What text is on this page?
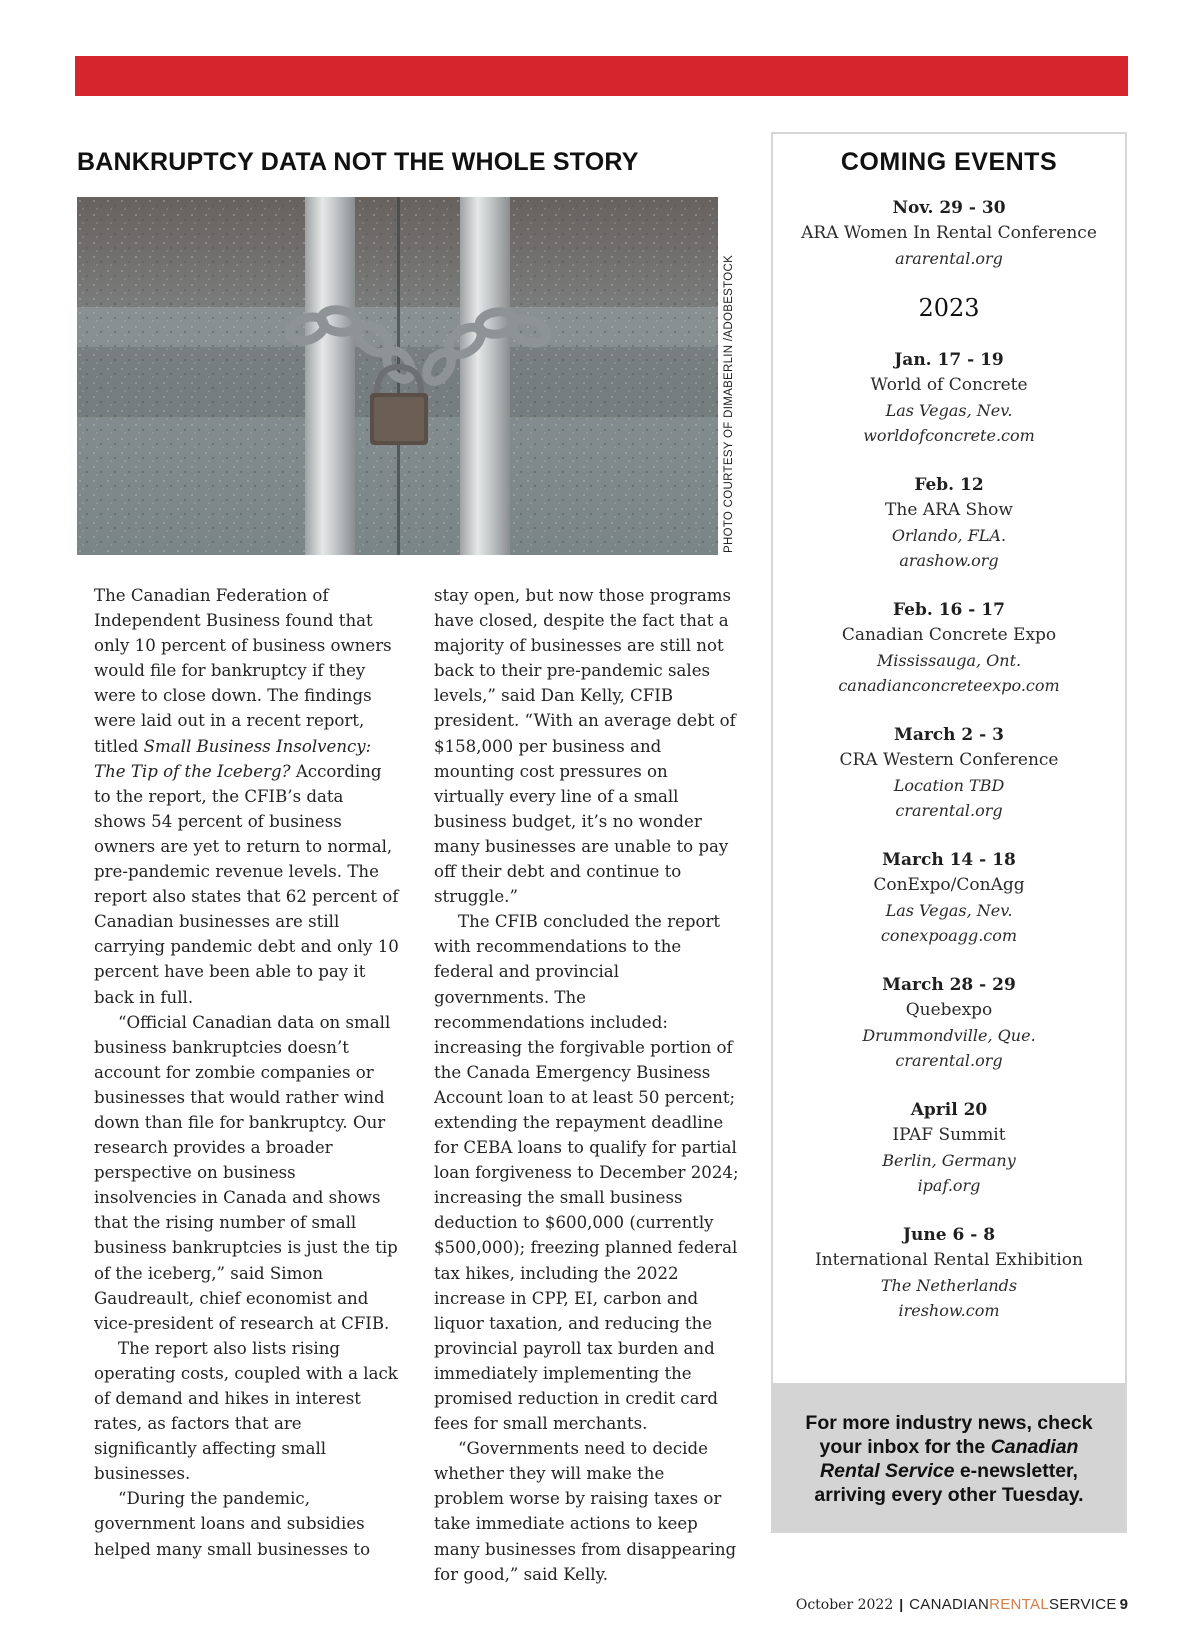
BANKRUPTCY DATA NOT THE WHOLE STORY
PHOTO COURTESY OF DIMABERLIN /ADOBESTOCK

The Canadian Federation of Independent Business found that only 10 percent of business owners would file for bankruptcy if they were to close down. The findings were laid out in a recent report, titled Small Business Insolvency: The Tip of the Iceberg? According to the report, the CFIB’s data shows 54 percent of business owners are yet to return to normal, pre-pandemic revenue levels. The report also states that 62 percent of Canadian businesses are still carrying pandemic debt and only 10 percent have been able to pay it back in full.

“Official Canadian data on small business bankruptcies doesn’t account for zombie companies or businesses that would rather wind down than file for bankruptcy. Our research provides a broader perspective on business insolvencies in Canada and shows that the rising number of small business bankruptcies is just the tip of the iceberg,” said Simon Gaudreault, chief economist and vice-president of research at CFIB.

The report also lists rising operating costs, coupled with a lack of demand and hikes in interest rates, as factors that are significantly affecting small businesses.

“During the pandemic, government loans and subsidies helped many small businesses to

stay open, but now those programs have closed, despite the fact that a majority of businesses are still not back to their pre-pandemic sales levels,” said Dan Kelly, CFIB president. “With an average debt of $158,000 per business and mounting cost pressures on virtually every line of a small business budget, it’s no wonder many businesses are unable to pay off their debt and continue to struggle.”

The CFIB concluded the report with recommendations to the federal and provincial governments. The recommendations included: increasing the forgivable portion of the Canada Emergency Business Account loan to at least 50 percent; extending the repayment deadline for CEBA loans to qualify for partial loan forgiveness to December 2024; increasing the small business deduction to $600,000 (currently $500,000); freezing planned federal tax hikes, including the 2022 increase in CPP, EI, carbon and liquor taxation, and reducing the provincial payroll tax burden and immediately implementing the promised reduction in credit card fees for small merchants.

“Governments need to decide whether they will make the problem worse by raising taxes or take immediate actions to keep many businesses from disappearing for good,” said Kelly.

COMING EVENTS
Nov. 29 - 30
ARA Women In Rental Conference
ararental.org
2023
Jan. 17 - 19
World of Concrete
Las Vegas, Nev.
worldofconcrete.com
Feb. 12
The ARA Show
Orlando, FLA.
arashow.org
Feb. 16 - 17
Canadian Concrete Expo
Mississauga, Ont.
canadianconcreteexpo.com
March 2 - 3
CRA Western Conference
Location TBD
crarental.org
March 14 - 18
ConExpo/ConAgg
Las Vegas, Nev.
conexpoagg.com
March 28 - 29
Quebexpo
Drummondville, Que.
crarental.org
April 20
IPAF Summit
Berlin, Germany
ipaf.org
June 6 - 8
International Rental Exhibition
The Netherlands
ireshow.com
For more industry news, check your inbox for the Canadian Rental Service e-newsletter, arriving every other Tuesday.
October 2022 | CANADIANRENTALSERVICE 9
